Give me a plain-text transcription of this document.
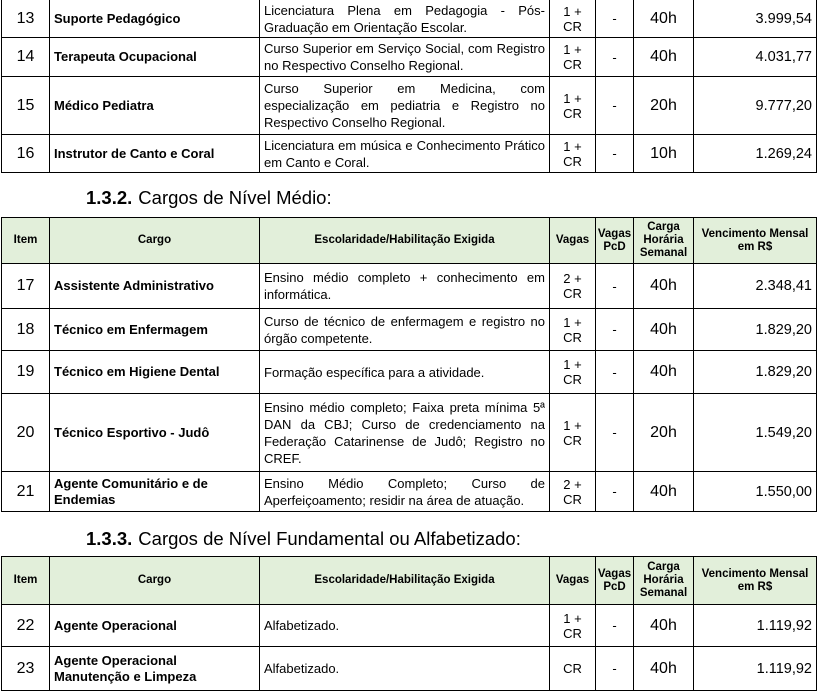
13	Suporte Pedagógico	Licenciatura Plena em Pedagogia - Pós-Graduação em Orientação Escolar.	1 + CR	-	40h	3.999,54
14	Terapeuta Ocupacional	Curso Superior em Serviço Social, com Registro no Respectivo Conselho Regional.	1 + CR	-	40h	4.031,77
15	Médico Pediatra	Curso Superior em Medicina, com especialização em pediatria e Registro no Respectivo Conselho Regional.	1 + CR	-	20h	9.777,20
16	Instrutor de Canto e Coral	Licenciatura em música e Conhecimento Prático em Canto e Coral.	1 + CR	-	10h	1.269,24
1.3.2. Cargos de Nível Médio:
Item	Cargo	Escolaridade/Habilitação Exigida	Vagas	Vagas PcD	Carga Horária Semanal	Vencimento Mensal em R$
17	Assistente Administrativo	Ensino médio completo + conhecimento em informática.	2 + CR	-	40h	2.348,41
18	Técnico em Enfermagem	Curso de técnico de enfermagem e registro no órgão competente.	1 + CR	-	40h	1.829,20
19	Técnico em Higiene Dental	Formação específica para a atividade.	1 + CR	-	40h	1.829,20
20	Técnico Esportivo - Judô	Ensino médio completo; Faixa preta mínima 5ª DAN da CBJ; Curso de credenciamento na Federação Catarinense de Judô; Registro no CREF.	1 + CR	-	20h	1.549,20
21	Agente Comunitário e de Endemias	Ensino Médio Completo; Curso de Aperfeiçoamento; residir na área de atuação.	2 + CR	-	40h	1.550,00
1.3.3. Cargos de Nível Fundamental ou Alfabetizado:
Item	Cargo	Escolaridade/Habilitação Exigida	Vagas	Vagas PcD	Carga Horária Semanal	Vencimento Mensal em R$
22	Agente Operacional	Alfabetizado.	1 + CR	-	40h	1.119,92
23	Agente Operacional Manutenção e Limpeza	Alfabetizado.	CR	-	40h	1.119,92
